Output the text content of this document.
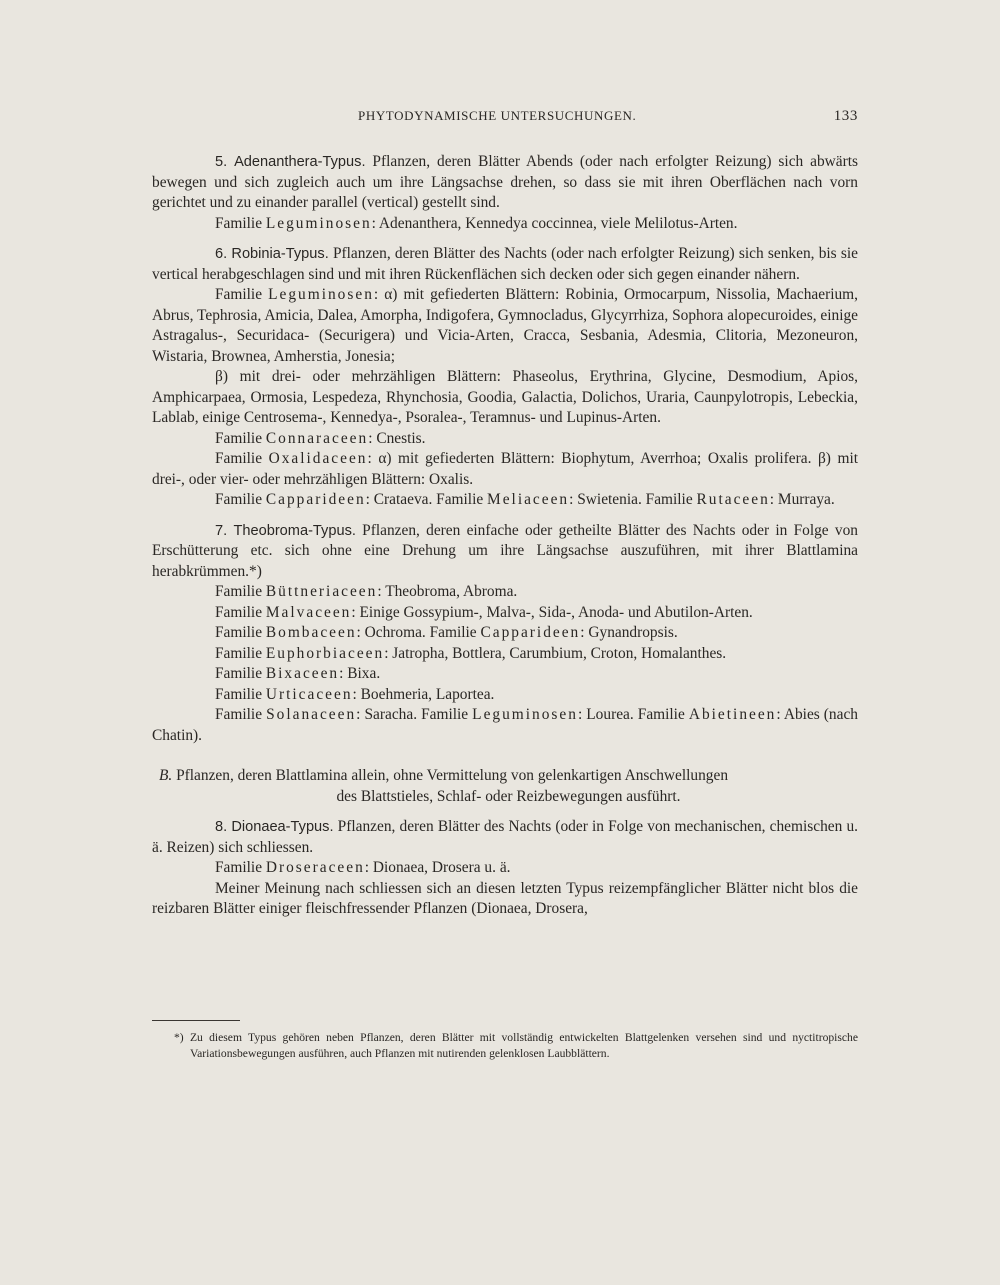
PHYTODYNAMISCHE UNTERSUCHUNGEN.	133

5. Adenanthera-Typus. Pflanzen, deren Blätter Abends (oder nach erfolgter Reizung) sich abwärts bewegen und sich zugleich auch um ihre Längsachse drehen, so dass sie mit ihren Oberflächen nach vorn gerichtet und zu einander parallel (vertical) gestellt sind.

Familie Leguminosen: Adenanthera, Kennedya coccinnea, viele Melilotus-Arten.

6. Robinia-Typus. Pflanzen, deren Blätter des Nachts (oder nach erfolgter Reizung) sich senken, bis sie vertical herabgeschlagen sind und mit ihren Rückenflächen sich decken oder sich gegen einander nähern.

Familie Leguminosen: α) mit gefiederten Blättern: Robinia, Ormocarpum, Nissolia, Machaerium, Abrus, Tephrosia, Amicia, Dalea, Amorpha, Indigofera, Gymnocladus, Glycyrrhiza, Sophora alopecuroides, einige Astragalus-, Securidaca- (Securigera) und Vicia-Arten, Cracca, Sesbania, Adesmia, Clitoria, Mezoneuron, Wistaria, Brownea, Amherstia, Jonesia;

β) mit drei- oder mehrzähligen Blättern: Phaseolus, Erythrina, Glycine, Desmodium, Apios, Amphicarpaea, Ormosia, Lespedeza, Rhynchosia, Goodia, Galactia, Dolichos, Uraria, Caunpylotropis, Lebeckia, Lablab, einige Centrosema-, Kennedya-, Psoralea-, Teramnus- und Lupinus-Arten.

Familie Connaraceen: Cnestis.

Familie Oxalidaceen: α) mit gefiederten Blättern: Biophytum, Averrhoa; Oxalis prolifera. β) mit drei-, oder vier- oder mehrzähligen Blättern: Oxalis.

Familie Capparideen: Crataeva. Familie Meliaceen: Swietenia. Familie Rutaceen: Murraya.

7. Theobroma-Typus. Pflanzen, deren einfache oder getheilte Blätter des Nachts oder in Folge von Erschütterung etc. sich ohne eine Drehung um ihre Längsachse auszuführen, mit ihrer Blattlamina herabkrümmen.*)

Familie Büttneriaceen: Theobroma, Abroma.

Familie Malvaceen: Einige Gossypium-, Malva-, Sida-, Anoda- und Abutilon-Arten.

Familie Bombaceen: Ochroma. Familie Capparideen: Gynandropsis.

Familie Euphorbiaceen: Jatropha, Bottlera, Carumbium, Croton, Homalanthes.

Familie Bixaceen: Bixa.

Familie Urticaceen: Boehmeria, Laportea.

Familie Solanaceen: Saracha. Familie Leguminosen: Lourea. Familie Abietineen: Abies (nach Chatin).

B. Pflanzen, deren Blattlamina allein, ohne Vermittelung von gelenkartigen Anschwellungen
des Blattstieles, Schlaf- oder Reizbewegungen ausführt.

8. Dionaea-Typus. Pflanzen, deren Blätter des Nachts (oder in Folge von mechanischen, chemischen u. ä. Reizen) sich schliessen.

Familie Droseraceen: Dionaea, Drosera u. ä.

Meiner Meinung nach schliessen sich an diesen letzten Typus reizempfänglicher Blätter nicht blos die reizbaren Blätter einiger fleischfressender Pflanzen (Dionaea, Drosera,

*) Zu diesem Typus gehören neben Pflanzen, deren Blätter mit vollständig entwickelten Blattgelenken versehen sind und nyctitropische Variationsbewegungen ausführen, auch Pflanzen mit nutirenden gelenklosen Laubblättern.
